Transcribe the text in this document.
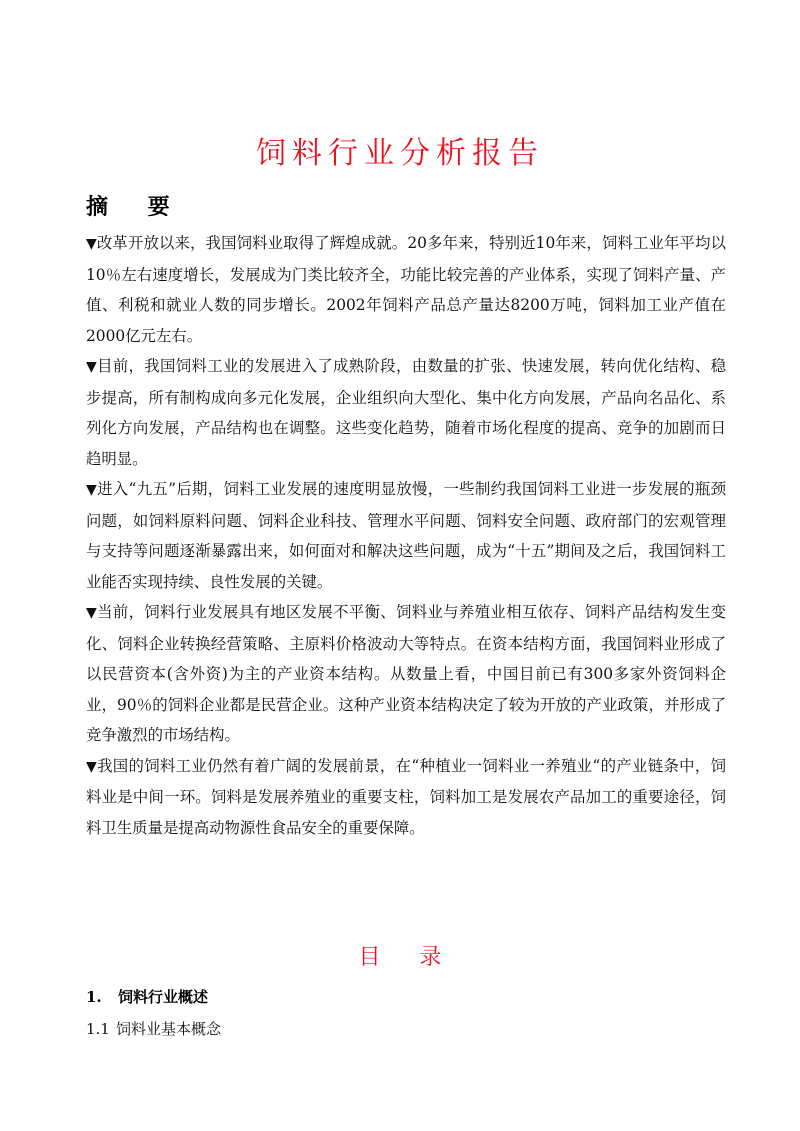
饲料行业分析报告
摘 要

▼改革开放以来，我国饲料业取得了辉煌成就。20多年来，特别近10年来，饲料工业年平均以10％左右速度增长，发展成为门类比较齐全，功能比较完善的产业体系，实现了饲料产量、产值、利税和就业人数的同步增长。2002年饲料产品总产量达8200万吨，饲料加工业产值在2000亿元左右。

▼目前，我国饲料工业的发展进入了成熟阶段，由数量的扩张、快速发展，转向优化结构、稳步提高，所有制构成向多元化发展，企业组织向大型化、集中化方向发展，产品向名品化、系列化方向发展，产品结构也在调整。这些变化趋势，随着市场化程度的提高、竞争的加剧而日趋明显。

▼进入“九五”后期，饲料工业发展的速度明显放慢，一些制约我国饲料工业进一步发展的瓶颈问题，如饲料原料问题、饲料企业科技、管理水平问题、饲料安全问题、政府部门的宏观管理与支持等问题逐渐暴露出来，如何面对和解决这些问题，成为“十五”期间及之后，我国饲料工业能否实现持续、良性发展的关键。

▼当前，饲料行业发展具有地区发展不平衡、饲料业与养殖业相互依存、饲料产品结构发生变化、饲料企业转换经营策略、主原料价格波动大等特点。在资本结构方面，我国饲料业形成了以民营资本(含外资)为主的产业资本结构。从数量上看，中国目前已有300多家外资饲料企业，90％的饲料企业都是民营企业。这种产业资本结构决定了较为开放的产业政策，并形成了竞争激烈的市场结构。

▼我国的饲料工业仍然有着广阔的发展前景，在“种植业一饲料业一养殖业“的产业链条中，饲料业是中间一环。饲料是发展养殖业的重要支柱，饲料加工是发展农产品加工的重要途径，饲料卫生质量是提高动物源性食品安全的重要保障。

目 录
1. 饲料行业概述
1.1 饲料业基本概念
